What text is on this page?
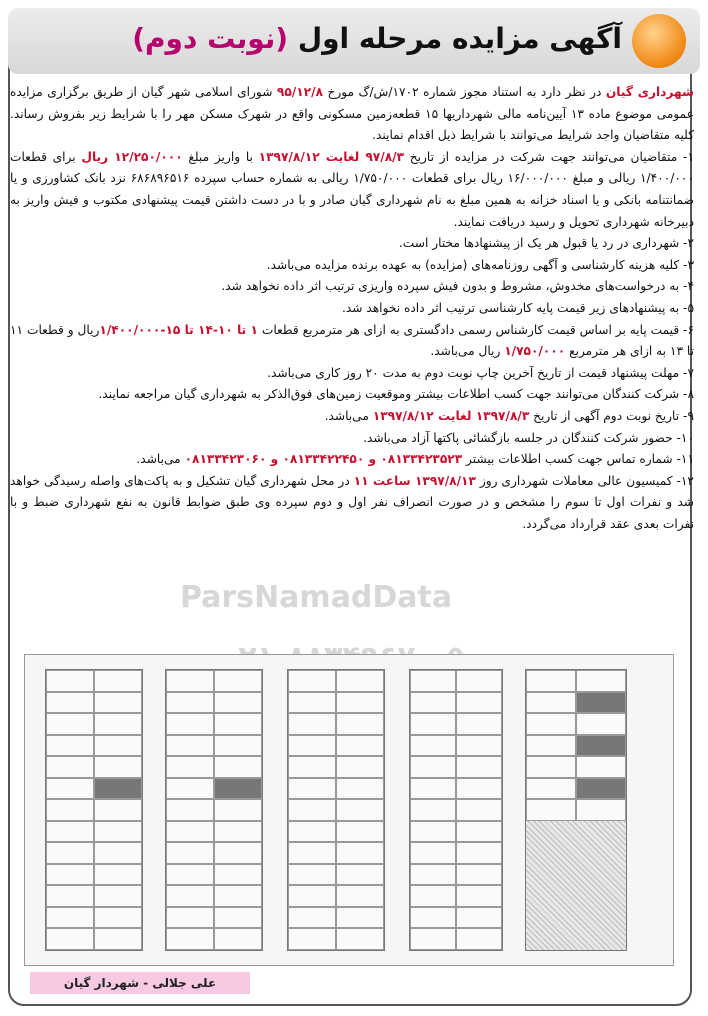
آگهی مزایده مرحله اول (نوبت دوم)

شهرداری گیان در نظر دارد به استناد مجوز شماره ۱۷۰۲/ش/گ مورخ ۹۵/۱۲/۸ شورای اسلامی شهر گیان از طریق برگزاری مزایده عمومی موضوع ماده ۱۳ آیین‌نامه مالی شهرداریها ۱۵ قطعه‌زمین مسکونی واقع در شهرک مسکن مهر را با شرایط زیر بفروش رساند. کلیه متقاضیان واجد شرایط می‌توانند با شرایط ذیل اقدام نمایند.

۱- متقاضیان می‌توانند جهت شرکت در مزایده از تاریخ ۹۷/۸/۳ لغایت ۱۳۹۷/۸/۱۲ با واریز مبلغ ۱۲/۲۵۰/۰۰۰ ریال برای قطعات ۱/۴۰۰/۰۰۰ ریالی و مبلغ ۱۶/۰۰۰/۰۰۰ ریال برای قطعات ۱/۷۵۰/۰۰۰ ریالی به شماره حساب سپرده ۶۸۶۸۹۶۵۱۶ نزد بانک کشاورزی و یا ضمانتنامه بانکی و یا اسناد خزانه به همین مبلغ به نام شهرداری گیان صادر و با در دست داشتن قیمت پیشنهادی مکتوب و فیش واریز به دبیرخانه شهرداری تحویل و رسید دریافت نمایند.

۲- شهرداری در رد یا قبول هر یک از پیشنهادها مختار است.

۳- کلیه هزینه کارشناسی و آگهی روزنامه‌های (مزایده) به عهده برنده مزایده می‌باشد.

۴- به درخواست‌های مخدوش، مشروط و بدون فیش سپرده واریزی ترتیب اثر داده نخواهد شد.

۵- به پیشنهادهای زیر قیمت پایه کارشناسی ترتیب اثر داده نخواهد شد.

۶- قیمت پایه بر اساس قیمت کارشناس رسمی دادگستری به ازای هر مترمربع قطعات ۱ تا ۱۰-۱۴ تا ۱۵-۱/۴۰۰/۰۰۰ریال و قطعات ۱۱ تا ۱۳ به ازای هر مترمربع ۱/۷۵۰/۰۰۰ ریال می‌باشد.

۷- مهلت پیشنهاد قیمت از تاریخ آخرین چاپ نوبت دوم به مدت ۲۰ روز کاری می‌باشد.

۸- شرکت کنندگان می‌توانند جهت کسب اطلاعات بیشتر وموقعیت زمین‌های فوق‌الذکر به شهرداری گیان مراجعه نمایند.

۹- تاریخ نوبت دوم آگهی از تاریخ ۱۳۹۷/۸/۳ لغایت ۱۳۹۷/۸/۱۲ می‌باشد.

۱۰- حضور شرکت کنندگان در جلسه بازگشائی پاکتها آزاد می‌باشد.

۱۱- شماره تماس جهت کسب اطلاعات بیشتر ۰۸۱۳۳۴۲۳۵۲۳ و ۰۸۱۳۳۴۲۲۴۵۰ و ۰۸۱۳۳۴۲۳۰۶۰ می‌باشد.

۱۲- کمیسیون عالی معاملات شهرداری روز ۱۳۹۷/۸/۱۳ ساعت ۱۱ در محل شهرداری گیان تشکیل و به پاکت‌های واصله رسیدگی خواهد شد و نفرات اول تا سوم را مشخص و در صورت انصراف نفر اول و دوم سپرده وی طبق ضوابط قانون به نفع شهرداری ضبط و با نفرات بعدی عقد قرارداد می‌گردد.

ParsNamadData
علی جلالی - شهردار گیان
